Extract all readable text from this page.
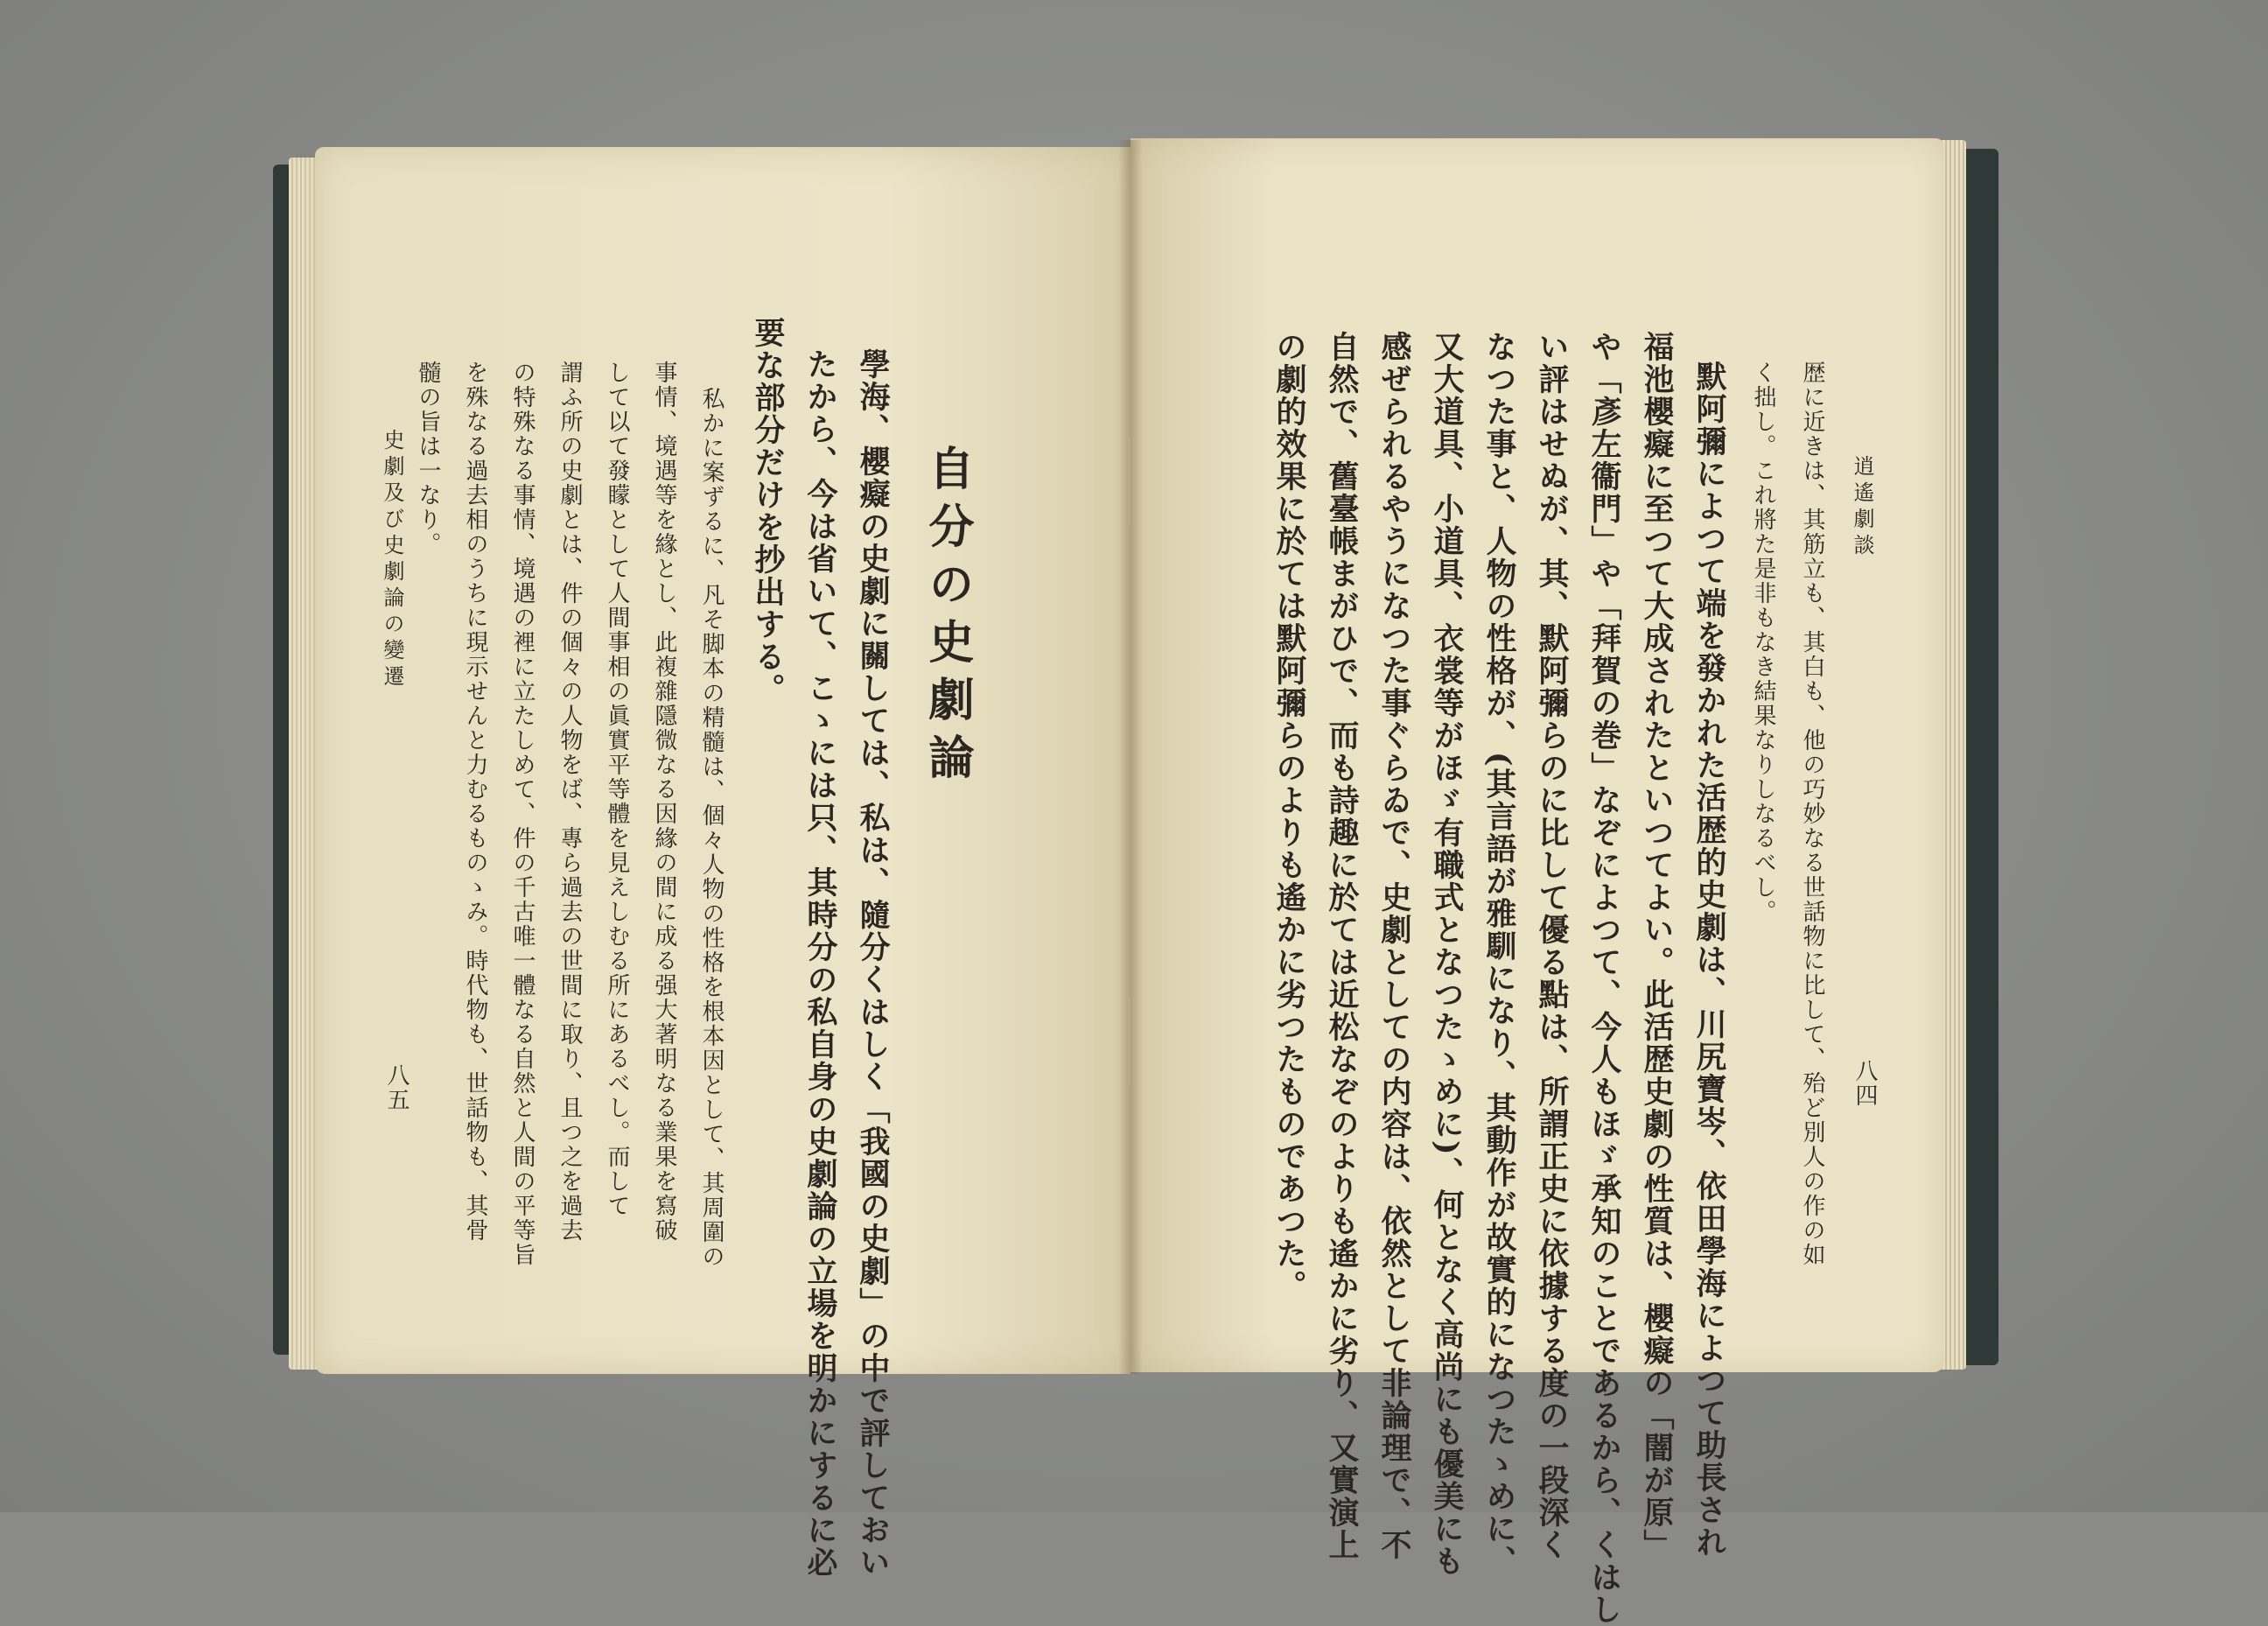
逍遙劇談
八四
歴に近きは、其筋立も、其白も、他の巧妙なる世話物に比して、殆ど別人の作の如
く拙し。これ將た是非もなき結果なりしなるべし。
默阿彌によつて端を發かれた活歴的史劇は、川尻寶岑、依田學海によつて助長され
福池櫻癡に至つて大成されたといつてよい。此活歴史劇の性質は、櫻癡の「闇が原」
や「彥左衞門」や「拜賀の巻」なぞによつて、今人もほゞ承知のことであるから、くはし
い評はせぬが、其、默阿彌らのに比して優る點は、所謂正史に依據する度の一段深く
なつた事と、人物の性格が、(其言語が雅馴になり、其動作が故實的になつたゝめに、
又大道具、小道具、衣裳等がほゞ有職式となつたゝめに)、何となく高尚にも優美にも
感ぜられるやうになつた事ぐらゐで、史劇としての内容は、依然として非論理で、不
自然で、舊臺帳まがひで、而も詩趣に於ては近松なぞのよりも遙かに劣り、又實演上
の劇的效果に於ては默阿彌らのよりも遙かに劣つたものであつた。
自分の史劇論
學海、櫻癡の史劇に關しては、私は、隨分くはしく「我國の史劇」の中で評しておい
たから、今は省いて、こゝには只、其時分の私自身の史劇論の立場を明かにするに必
要な部分だけを抄出する。
私かに案ずるに、凡そ脚本の精髓は、個々人物の性格を根本因として、其周圍の
事情、境遇等を緣とし、此複雜隱微なる因緣の間に成る强大著明なる業果を寫破
して以て發矇として人間事相の眞實平等體を見えしむる所にあるべし。而して
謂ふ所の史劇とは、件の個々の人物をば、專ら過去の世間に取り、且つ之を過去
の特殊なる事情、境遇の裡に立たしめて、件の千古唯一體なる自然と人間の平等旨
を殊なる過去相のうちに現示せんと力むるものゝみ。時代物も、世話物も、其骨
髓の旨は一なり。
史劇及び史劇論の變遷
八五
